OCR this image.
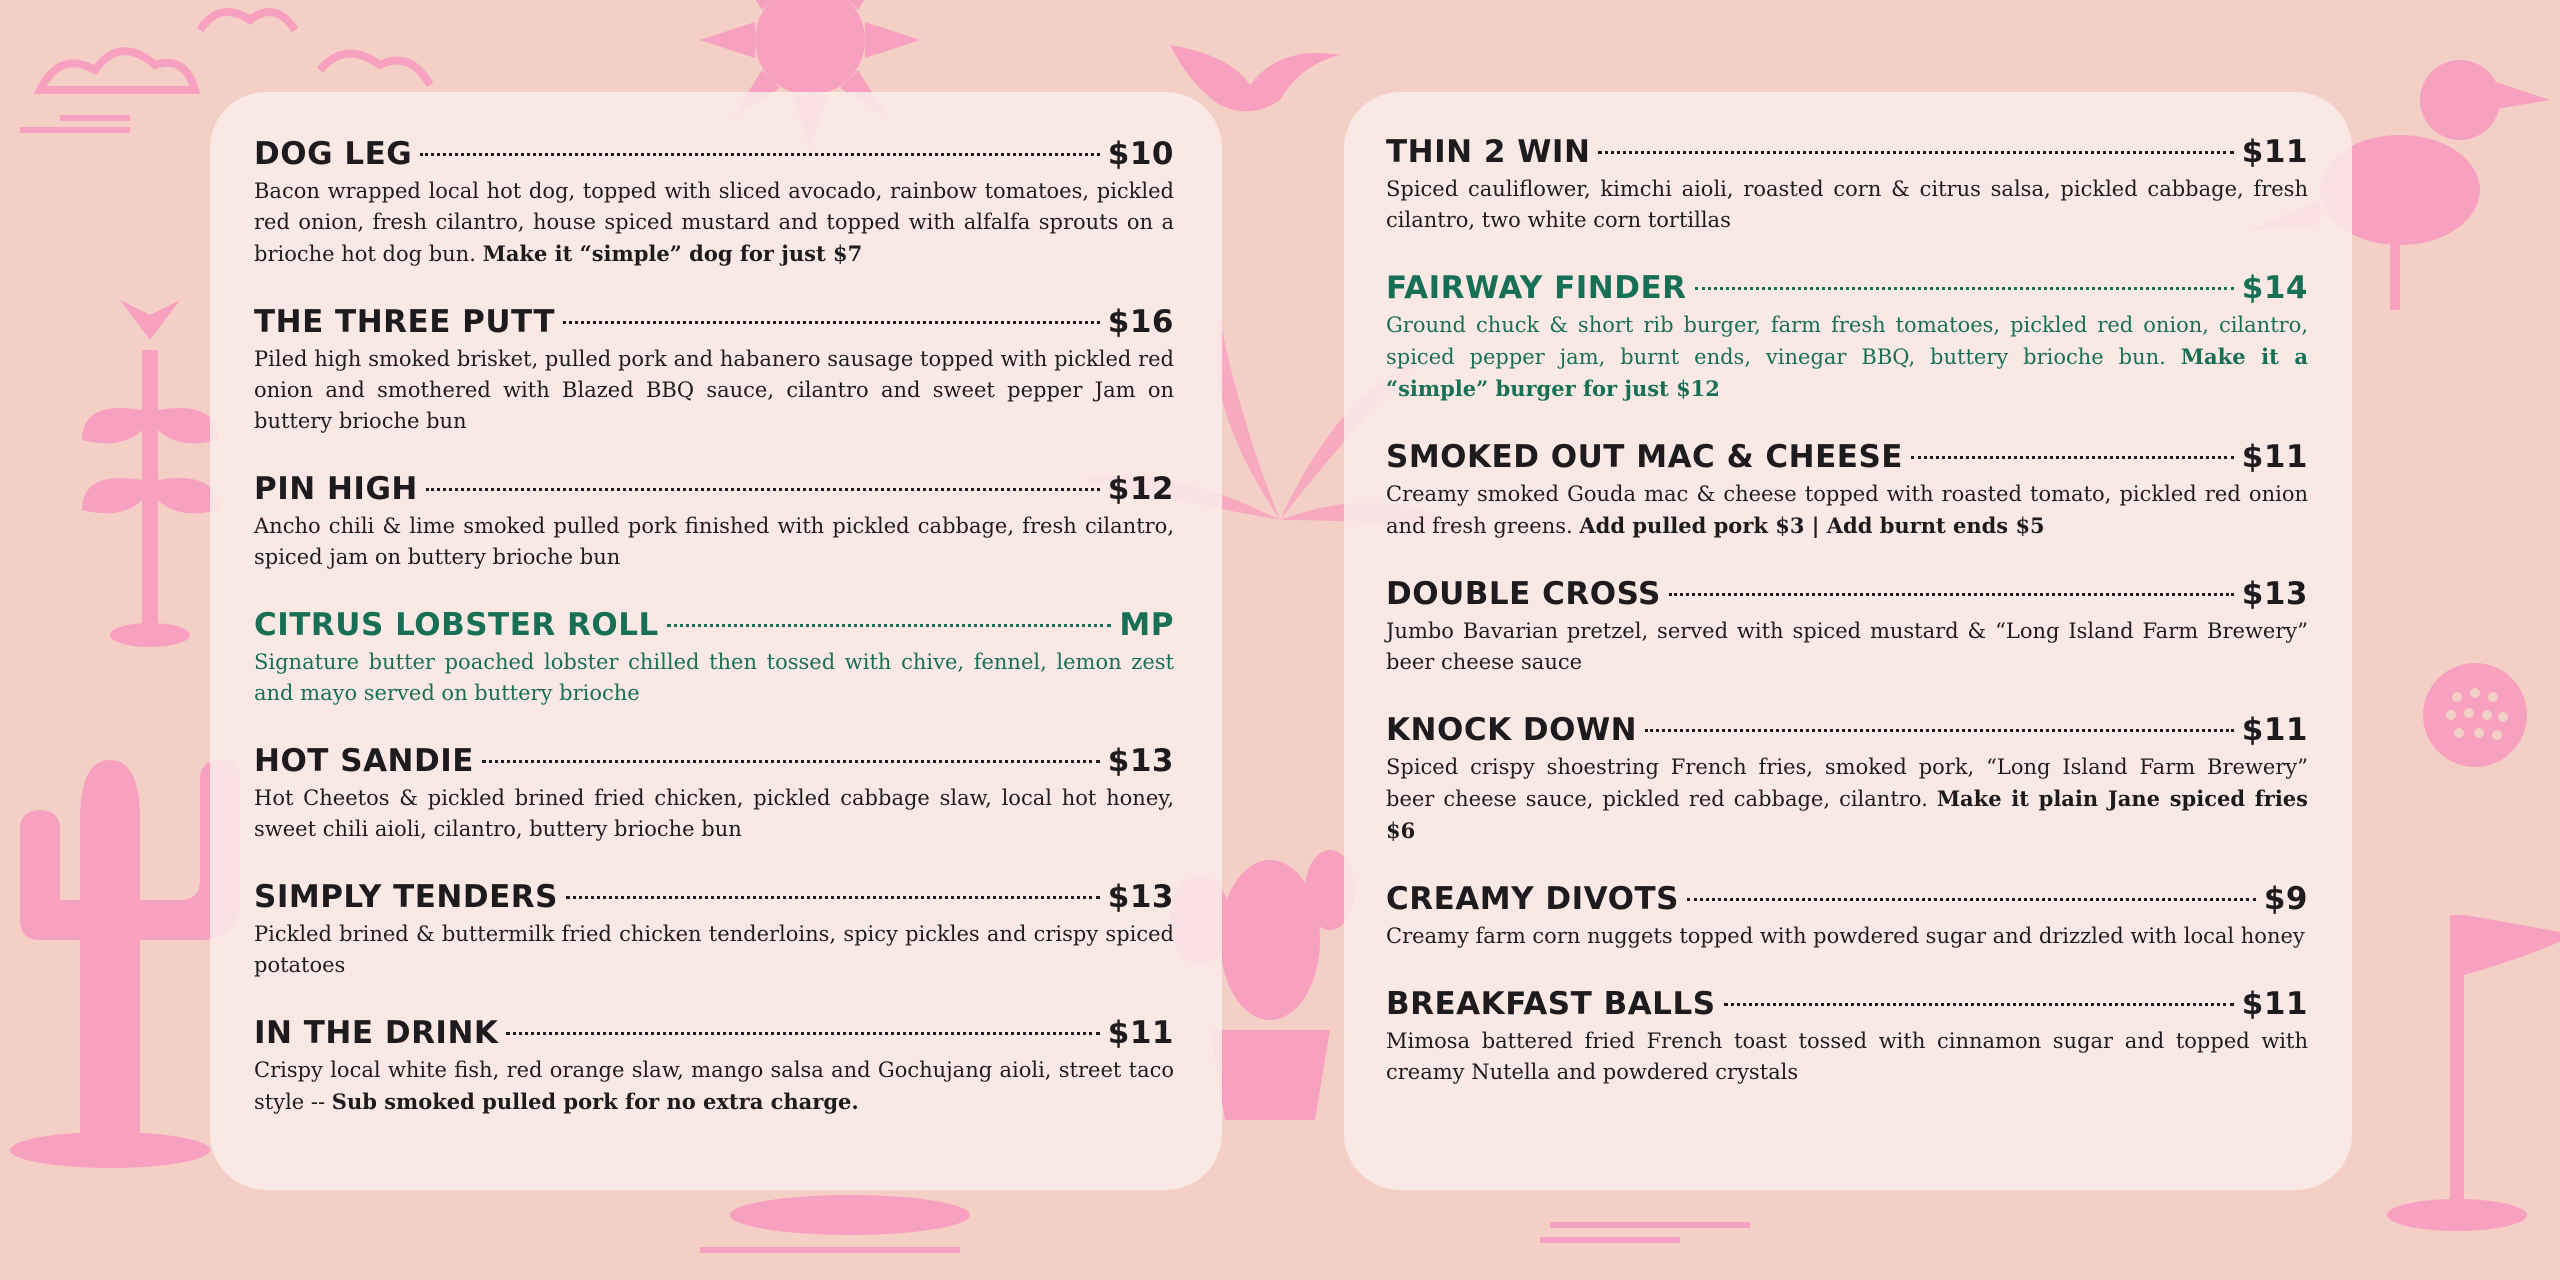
DOG LEG	$10
Bacon wrapped local hot dog, topped with sliced avocado, rainbow tomatoes, pickled red onion, fresh cilantro, house spiced mustard and topped with alfalfa sprouts on a brioche hot dog bun. Make it “simple” dog for just $7
THE THREE PUTT	$16
Piled high smoked brisket, pulled pork and habanero sausage topped with pickled red onion and smothered with Blazed BBQ sauce, cilantro and sweet pepper Jam on buttery brioche bun
PIN HIGH	$12
Ancho chili & lime smoked pulled pork finished with pickled cabbage, fresh cilantro, spiced jam on buttery brioche bun
CITRUS LOBSTER ROLL	MP
Signature butter poached lobster chilled then tossed with chive, fennel, lemon zest and mayo served on buttery brioche
HOT SANDIE	$13
Hot Cheetos & pickled brined fried chicken, pickled cabbage slaw, local hot honey, sweet chili aioli, cilantro, buttery brioche bun
SIMPLY TENDERS	$13
Pickled brined & buttermilk fried chicken tenderloins, spicy pickles and crispy spiced potatoes
IN THE DRINK	$11
Crispy local white fish, red orange slaw, mango salsa and Gochujang aioli, street taco style -- Sub smoked pulled pork for no extra charge.
THIN 2 WIN	$11
Spiced cauliflower, kimchi aioli, roasted corn & citrus salsa, pickled cabbage, fresh cilantro, two white corn tortillas
FAIRWAY FINDER	$14
Ground chuck & short rib burger, farm fresh tomatoes, pickled red onion, cilantro, spiced pepper jam, burnt ends, vinegar BBQ, buttery brioche bun. Make it a “simple” burger for just $12
SMOKED OUT MAC & CHEESE	$11
Creamy smoked Gouda mac & cheese topped with roasted tomato, pickled red onion and fresh greens. Add pulled pork $3 | Add burnt ends $5
DOUBLE CROSS	$13
Jumbo Bavarian pretzel, served with spiced mustard & “Long Island Farm Brewery” beer cheese sauce
KNOCK DOWN	$11
Spiced crispy shoestring French fries, smoked pork, “Long Island Farm Brewery” beer cheese sauce, pickled red cabbage, cilantro. Make it plain Jane spiced fries $6
CREAMY DIVOTS	$9
Creamy farm corn nuggets topped with powdered sugar and drizzled with local honey
BREAKFAST BALLS	$11
Mimosa battered fried French toast tossed with cinnamon sugar and topped with creamy Nutella and powdered crystals
